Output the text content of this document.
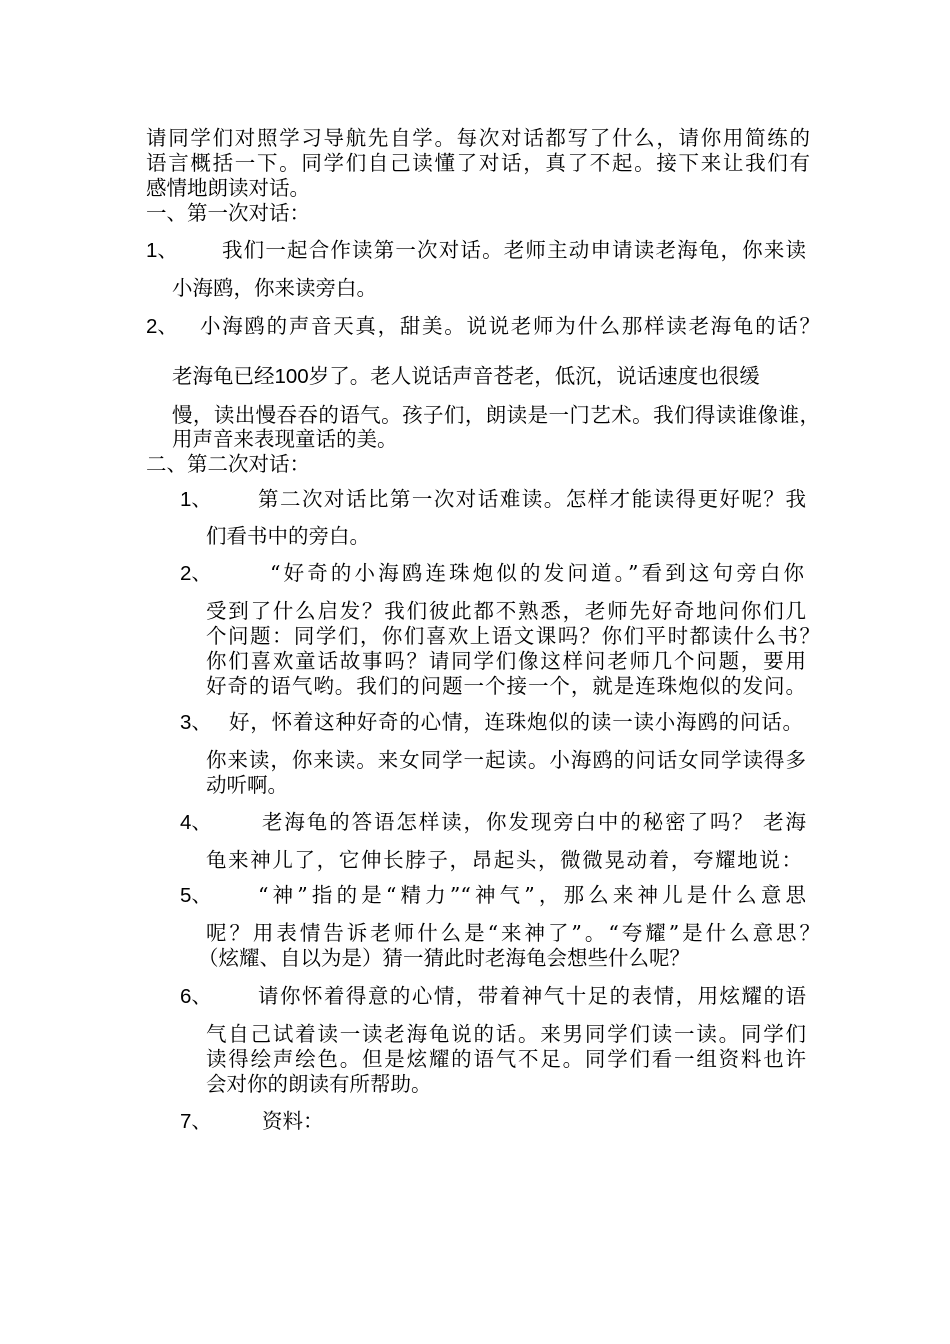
请同学们对照学习导航先自学。每次对话都写了什么，请你用简练的
语言概括一下。同学们自己读懂了对话，真了不起。接下来让我们有
感情地朗读对话。
一、第一次对话：
1、 我们一起合作读第一次对话。老师主动申请读老海龟，你来读
小海鸥，你来读旁白。
2、 小海鸥的声音天真，甜美。说说老师为什么那样读老海龟的话？
老海龟已经100岁了。老人说话声音苍老，低沉，说话速度也很缓
慢，读出慢吞吞的语气。孩子们，朗读是一门艺术。我们得读谁像谁，
用声音来表现童话的美。
二、第二次对话：
1、 第二次对话比第一次对话难读。怎样才能读得更好呢？我
们看书中的旁白。
2、	“好奇的小海鸥连珠炮似的发问道。”看到这句旁白你
受到了什么启发？我们彼此都不熟悉，老师先好奇地问你们几
个问题：同学们，你们喜欢上语文课吗？你们平时都读什么书？
你们喜欢童话故事吗？请同学们像这样问老师几个问题，要用
好奇的语气哟。我们的问题一个接一个，就是连珠炮似的发问。
3、 好，怀着这种好奇的心情，连珠炮似的读一读小海鸥的问话。
你来读，你来读。来女同学一起读。小海鸥的问话女同学读得多
动听啊。
4、 老海龟的答语怎样读，你发现旁白中的秘密了吗？ 老海
龟来神儿了，它伸长脖子，昂起头，微微晃动着，夸耀地说：
5、 “神”指的是“精力”“神气”，那么来神儿是什么意思
呢？用表情告诉老师什么是“来神了”。“夸耀”是什么意思？
（炫耀、自以为是）猜一猜此时老海龟会想些什么呢？
6、 请你怀着得意的心情，带着神气十足的表情，用炫耀的语
气自己试着读一读老海龟说的话。来男同学们读一读。同学们
读得绘声绘色。但是炫耀的语气不足。同学们看一组资料也许
会对你的朗读有所帮助。
7、 资料：
